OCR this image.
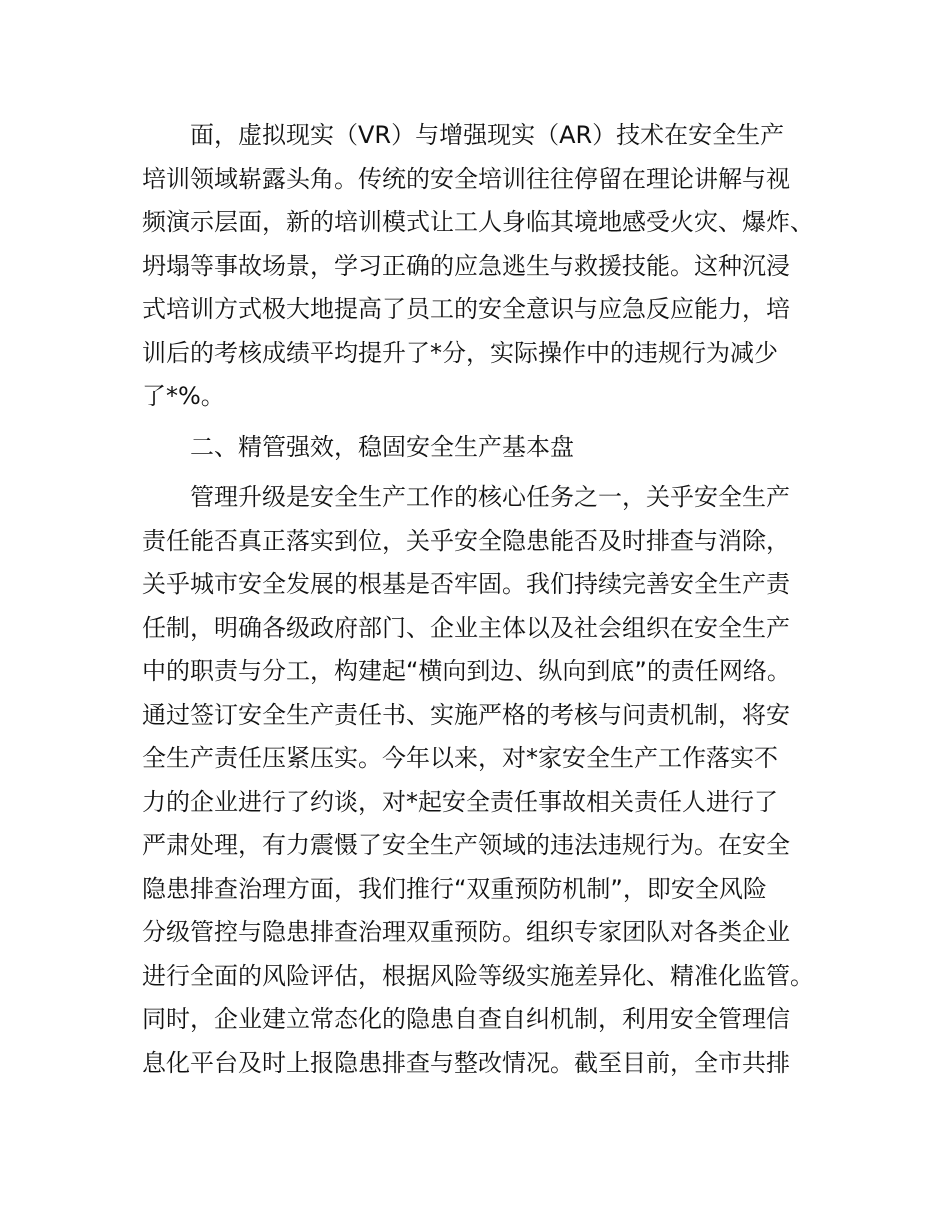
面，虚拟现实（VR）与增强现实（AR）技术在安全生产
培训领域崭露头角。传统的安全培训往往停留在理论讲解与视
频演示层面，新的培训模式让工人身临其境地感受火灾、爆炸、
坍塌等事故场景，学习正确的应急逃生与救援技能。这种沉浸
式培训方式极大地提高了员工的安全意识与应急反应能力，培
训后的考核成绩平均提升了*分，实际操作中的违规行为减少
了*%。
二、精管强效，稳固安全生产基本盘
管理升级是安全生产工作的核心任务之一，关乎安全生产
责任能否真正落实到位，关乎安全隐患能否及时排查与消除，
关乎城市安全发展的根基是否牢固。我们持续完善安全生产责
任制，明确各级政府部门、企业主体以及社会组织在安全生产
中的职责与分工，构建起“横向到边、纵向到底”的责任网络。
通过签订安全生产责任书、实施严格的考核与问责机制，将安
全生产责任压紧压实。今年以来，对*家安全生产工作落实不
力的企业进行了约谈，对*起安全责任事故相关责任人进行了
严肃处理，有力震慑了安全生产领域的违法违规行为。在安全
隐患排查治理方面，我们推行“双重预防机制”，即安全风险
分级管控与隐患排查治理双重预防。组织专家团队对各类企业
进行全面的风险评估，根据风险等级实施差异化、精准化监管。
同时，企业建立常态化的隐患自查自纠机制，利用安全管理信
息化平台及时上报隐患排查与整改情况。截至目前，全市共排
